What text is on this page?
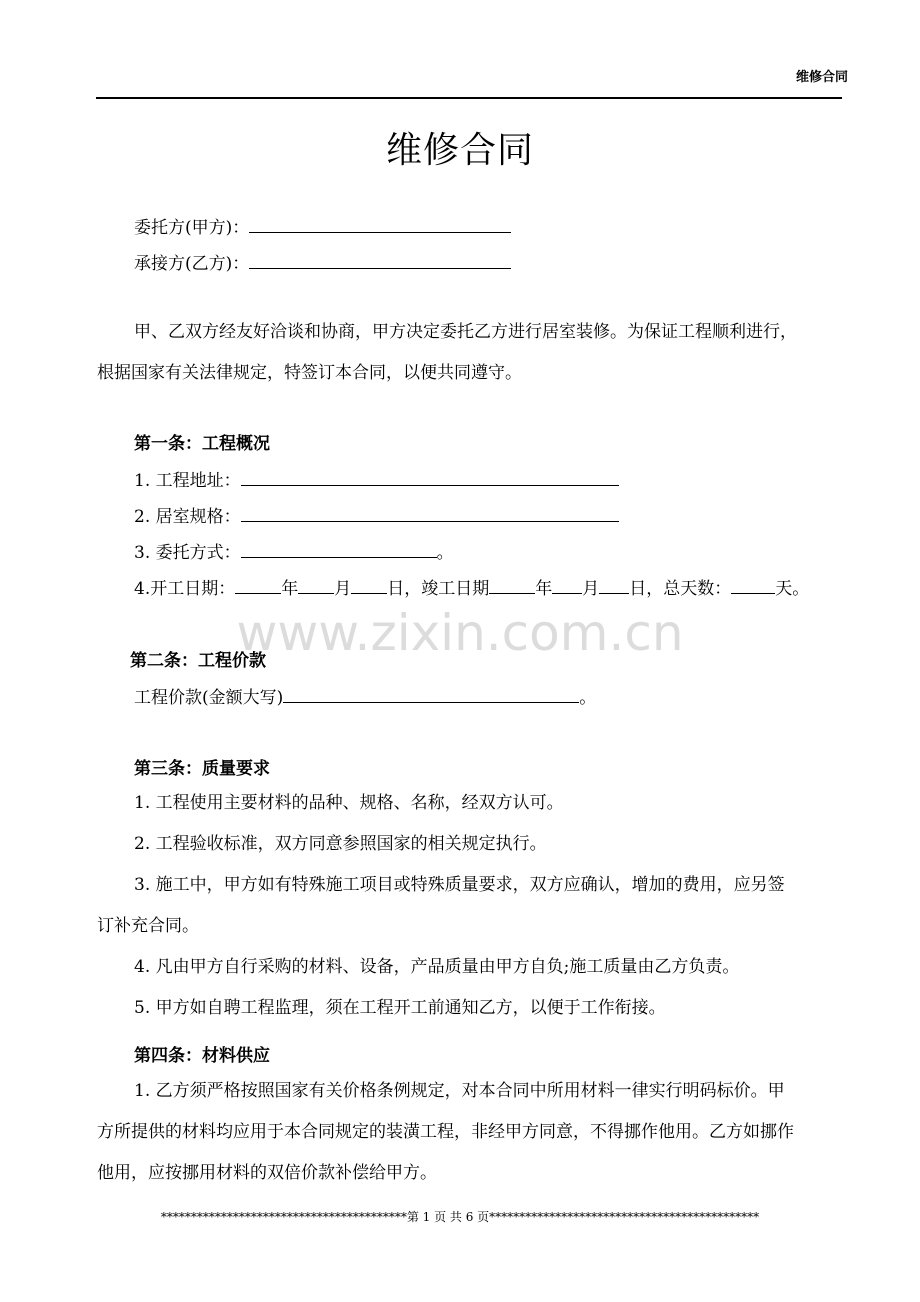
维修合同
维修合同
委托方(甲方)：
承接方(乙方)：
甲、乙双方经友好洽谈和协商，甲方决定委托乙方进行居室装修。为保证工程顺利进行，
根据国家有关法律规定，特签订本合同，以便共同遵守。
第一条：工程概况
1. 工程地址：
2. 居室规格：
3. 委托方式：	。
4.开工日期：	年 月 日，竣工日期	年 月 日，总天数：	天。
www.zixin.com.cn
第二条：工程价款
工程价款(金额大写)	。
第三条：质量要求
1. 工程使用主要材料的品种、规格、名称，经双方认可。
2. 工程验收标准，双方同意参照国家的相关规定执行。
3. 施工中，甲方如有特殊施工项目或特殊质量要求，双方应确认，增加的费用，应另签
订补充合同。
4. 凡由甲方自行采购的材料、设备，产品质量由甲方自负;施工质量由乙方负责。
5. 甲方如自聘工程监理，须在工程开工前通知乙方，以便于工作衔接。
第四条：材料供应
1. 乙方须严格按照国家有关价格条例规定，对本合同中所用材料一律实行明码标价。甲
方所提供的材料均应用于本合同规定的装潢工程，非经甲方同意，不得挪作他用。乙方如挪作
他用，应按挪用材料的双倍价款补偿给甲方。
*****************************************第 1 页 共 6 页*********************************************
